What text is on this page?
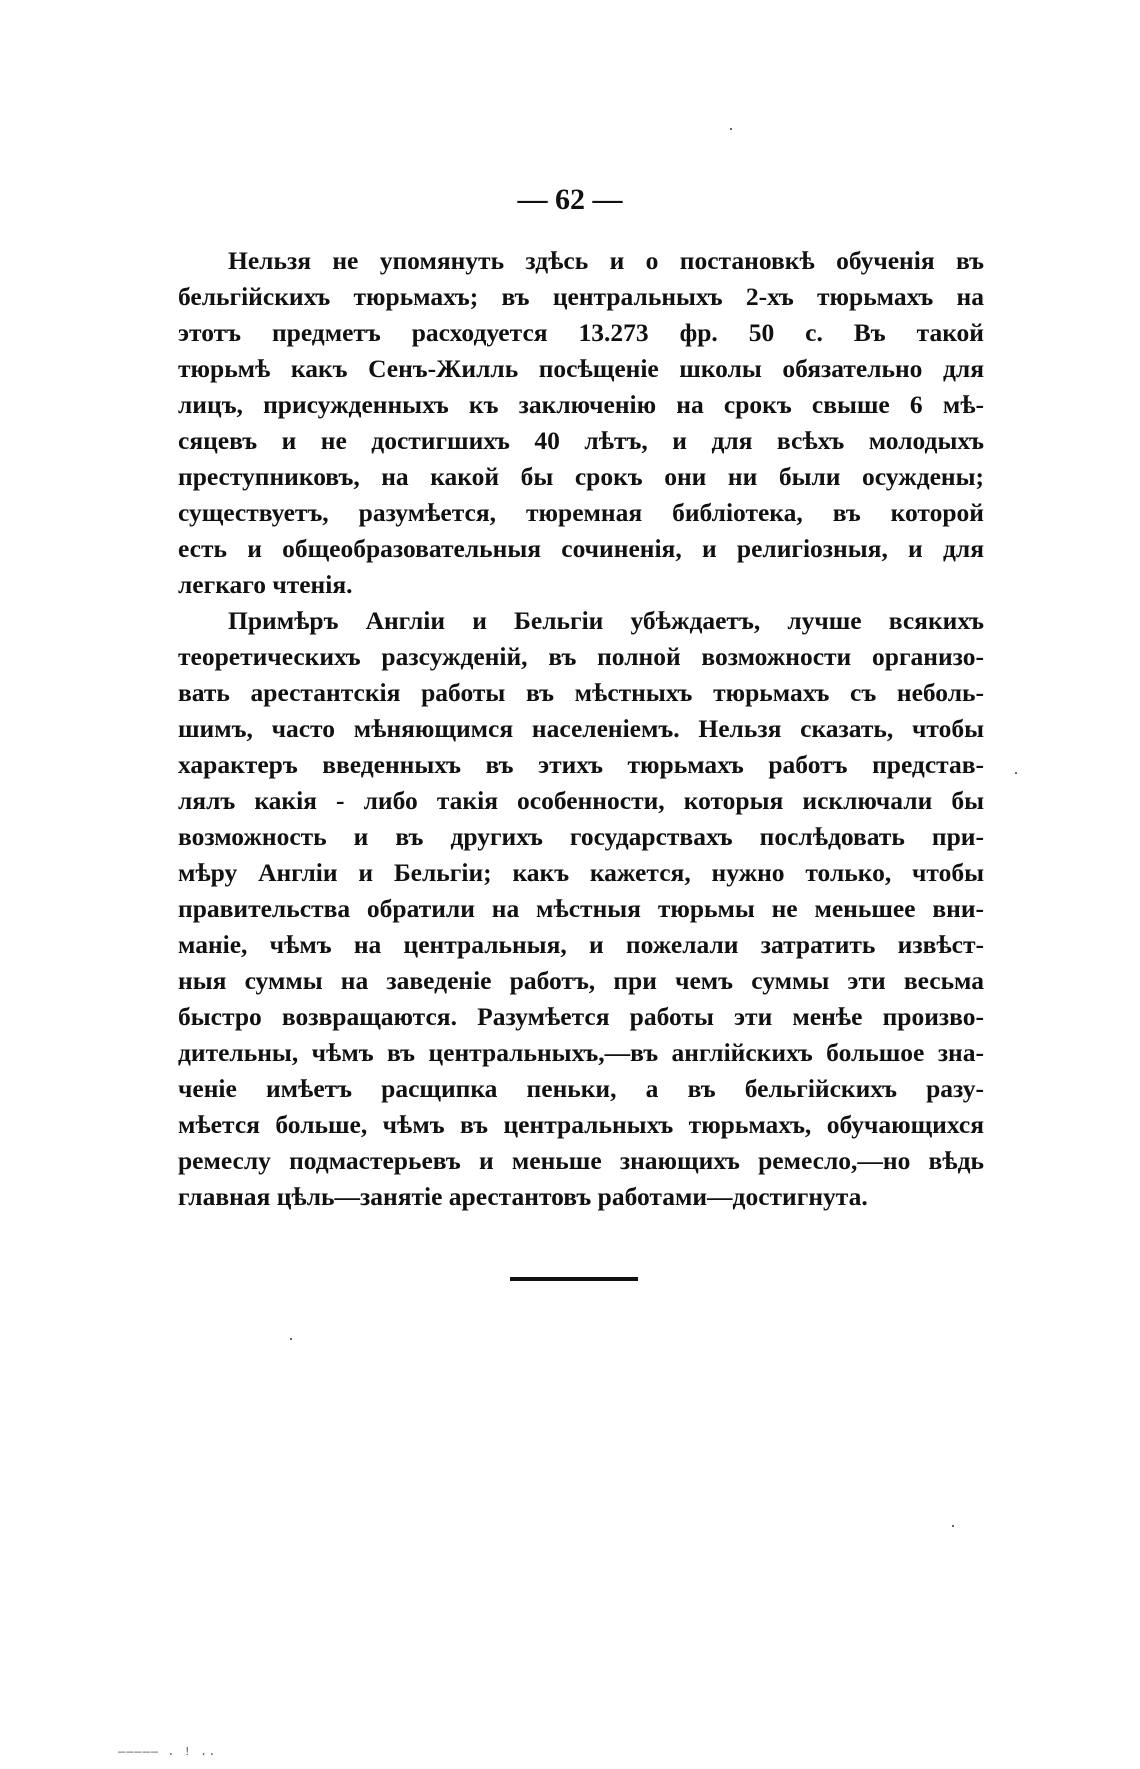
— 62 —
Нельзя не упомянуть здѣсь и о постановкѣ обученія въ
бельгійскихъ тюрьмахъ; въ центральныхъ 2-хъ тюрьмахъ на
этотъ предметъ расходуется 13.273 фр. 50 с. Въ такой
тюрьмѣ какъ Сенъ-Жилль посѣщеніе школы обязательно для
лицъ, присужденныхъ къ заключенію на срокъ свыше 6 мѣ-
сяцевъ и не достигшихъ 40 лѣтъ, и для всѣхъ молодыхъ
преступниковъ, на какой бы срокъ они ни были осуждены;
существуетъ, разумѣется, тюремная библіотека, въ которой
есть и общеобразовательныя сочиненія, и религіозныя, и для
легкаго чтенія.
Примѣръ Англіи и Бельгіи убѣждаетъ, лучше всякихъ
теоретическихъ разсужденій, въ полной возможности организо-
вать арестантскія работы въ мѣстныхъ тюрьмахъ съ неболь-
шимъ, часто мѣняющимся населеніемъ. Нельзя сказать, чтобы
характеръ введенныхъ въ этихъ тюрьмахъ работъ представ-
лялъ какія - либо такія особенности, которыя исключали бы
возможность и въ другихъ государствахъ послѣдовать при-
мѣру Англіи и Бельгіи; какъ кажется, нужно только, чтобы
правительства обратили на мѣстныя тюрьмы не меньшее вни-
маніе, чѣмъ на центральныя, и пожелали затратить извѣст-
ныя суммы на заведеніе работъ, при чемъ суммы эти весьма
быстро возвращаются. Разумѣется работы эти менѣе произво-
дительны, чѣмъ въ центральныхъ,—въ англійскихъ большое зна-
ченіе имѣетъ расщипка пеньки, а въ бельгійскихъ разу-
мѣется больше, чѣмъ въ центральныхъ тюрьмахъ, обучающихся
ремеслу подмастерьевъ и меньше знающихъ ремесло,—но вѣдь
главная цѣль—занятіе арестантовъ работами—достигнута.
————— . ! ..
